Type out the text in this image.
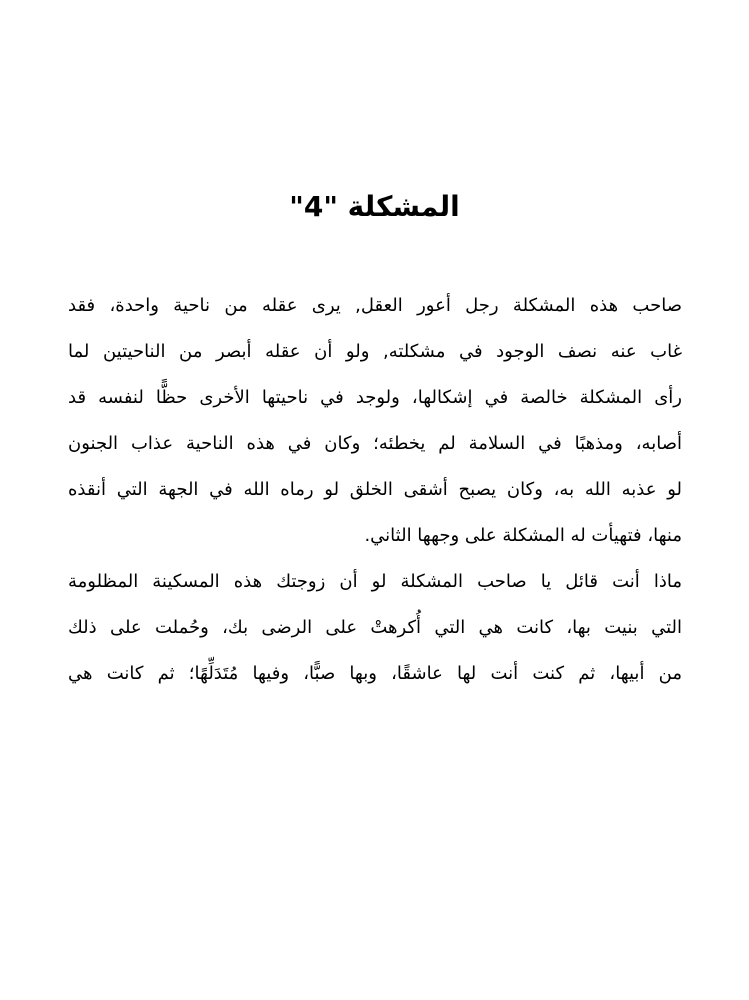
المشكلة "4"
صاحب هذه المشكلة رجل أعور العقل, يرى عقله من ناحية واحدة، فقد
غاب عنه نصف الوجود في مشكلته, ولو أن عقله أبصر من الناحيتين لما
رأى المشكلة خالصة في إشكالها، ولوجد في ناحيتها الأخرى حظًّا لنفسه قد
أصابه، ومذهبًا في السلامة لم يخطئه؛ وكان في هذه الناحية عذاب الجنون
لو عذبه الله به، وكان يصبح أشقى الخلق لو رماه الله في الجهة التي أنقذه
منها، فتهيأت له المشكلة على وجهها الثاني.
ماذا أنت قائل يا صاحب المشكلة لو أن زوجتك هذه المسكينة المظلومة
التي بنيت بها، كانت هي التي أُكرهتْ على الرضى بك، وحُملت على ذلك
من أبيها، ثم كنت أنت لها عاشقًا، وبها صبًّا، وفيها مُتَدَلِّهًا؛ ثم كانت هي
